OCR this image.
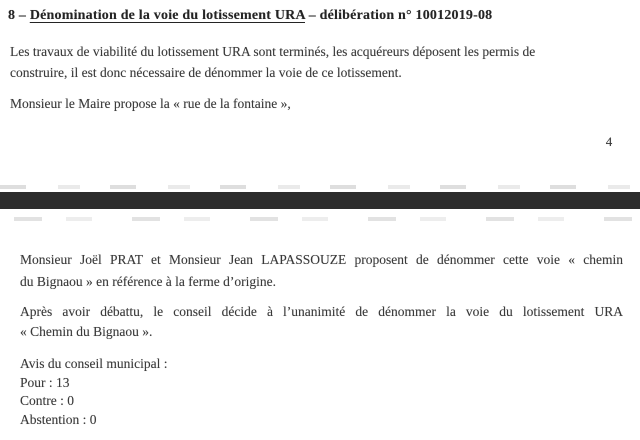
8 – Dénomination de la voie du lotissement URA – délibération n° 10012019-08
Les travaux de viabilité du lotissement URA sont terminés, les acquéreurs déposent les permis de
construire, il est donc nécessaire de dénommer la voie de ce lotissement.
Monsieur le Maire propose la « rue de la fontaine »,
4
Monsieur Joël PRAT et Monsieur Jean LAPASSOUZE proposent de dénommer cette voie « chemin
du Bignaou » en référence à la ferme d’origine.
Après avoir débattu, le conseil décide à l’unanimité de dénommer la voie du lotissement URA
« Chemin du Bignaou ».
Avis du conseil municipal :
Pour : 13
Contre : 0
Abstention : 0
